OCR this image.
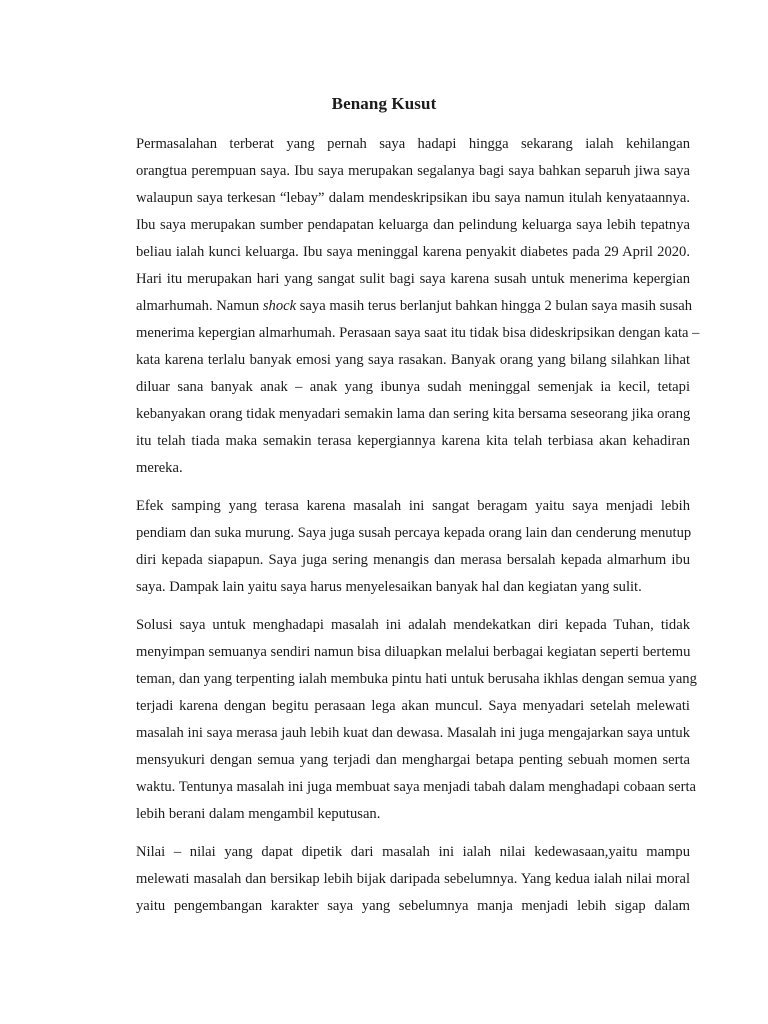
Benang Kusut
Permasalahan terberat yang pernah saya hadapi hingga sekarang ialah kehilangan
orangtua perempuan saya. Ibu saya merupakan segalanya bagi saya bahkan separuh jiwa saya
walaupun saya terkesan “lebay” dalam mendeskripsikan ibu saya namun itulah kenyataannya.
Ibu saya merupakan sumber pendapatan keluarga dan pelindung keluarga saya lebih tepatnya
beliau ialah kunci keluarga. Ibu saya meninggal karena penyakit diabetes pada 29 April 2020.
Hari itu merupakan hari yang sangat sulit bagi saya karena susah untuk menerima kepergian
almarhumah. Namun shock saya masih terus berlanjut bahkan hingga 2 bulan saya masih susah
menerima kepergian almarhumah. Perasaan saya saat itu tidak bisa dideskripsikan dengan kata –
kata karena terlalu banyak emosi yang saya rasakan. Banyak orang yang bilang silahkan lihat
diluar sana banyak anak – anak yang ibunya sudah meninggal semenjak ia kecil, tetapi
kebanyakan orang tidak menyadari semakin lama dan sering kita bersama seseorang jika orang
itu telah tiada maka semakin terasa kepergiannya karena kita telah terbiasa akan kehadiran
mereka.
Efek samping yang terasa karena masalah ini sangat beragam yaitu saya menjadi lebih
pendiam dan suka murung. Saya juga susah percaya kepada orang lain dan cenderung menutup
diri kepada siapapun. Saya juga sering menangis dan merasa bersalah kepada almarhum ibu
saya. Dampak lain yaitu saya harus menyelesaikan banyak hal dan kegiatan yang sulit.
Solusi saya untuk menghadapi masalah ini adalah mendekatkan diri kepada Tuhan, tidak
menyimpan semuanya sendiri namun bisa diluapkan melalui berbagai kegiatan seperti bertemu
teman, dan yang terpenting ialah membuka pintu hati untuk berusaha ikhlas dengan semua yang
terjadi karena dengan begitu perasaan lega akan muncul. Saya menyadari setelah melewati
masalah ini saya merasa jauh lebih kuat dan dewasa. Masalah ini juga mengajarkan saya untuk
mensyukuri dengan semua yang terjadi dan menghargai betapa penting sebuah momen serta
waktu. Tentunya masalah ini juga membuat saya menjadi tabah dalam menghadapi cobaan serta
lebih berani dalam mengambil keputusan.
Nilai – nilai yang dapat dipetik dari masalah ini ialah nilai kedewasaan,yaitu mampu
melewati masalah dan bersikap lebih bijak daripada sebelumnya. Yang kedua ialah nilai moral
yaitu pengembangan karakter saya yang sebelumnya manja menjadi lebih sigap dalam
